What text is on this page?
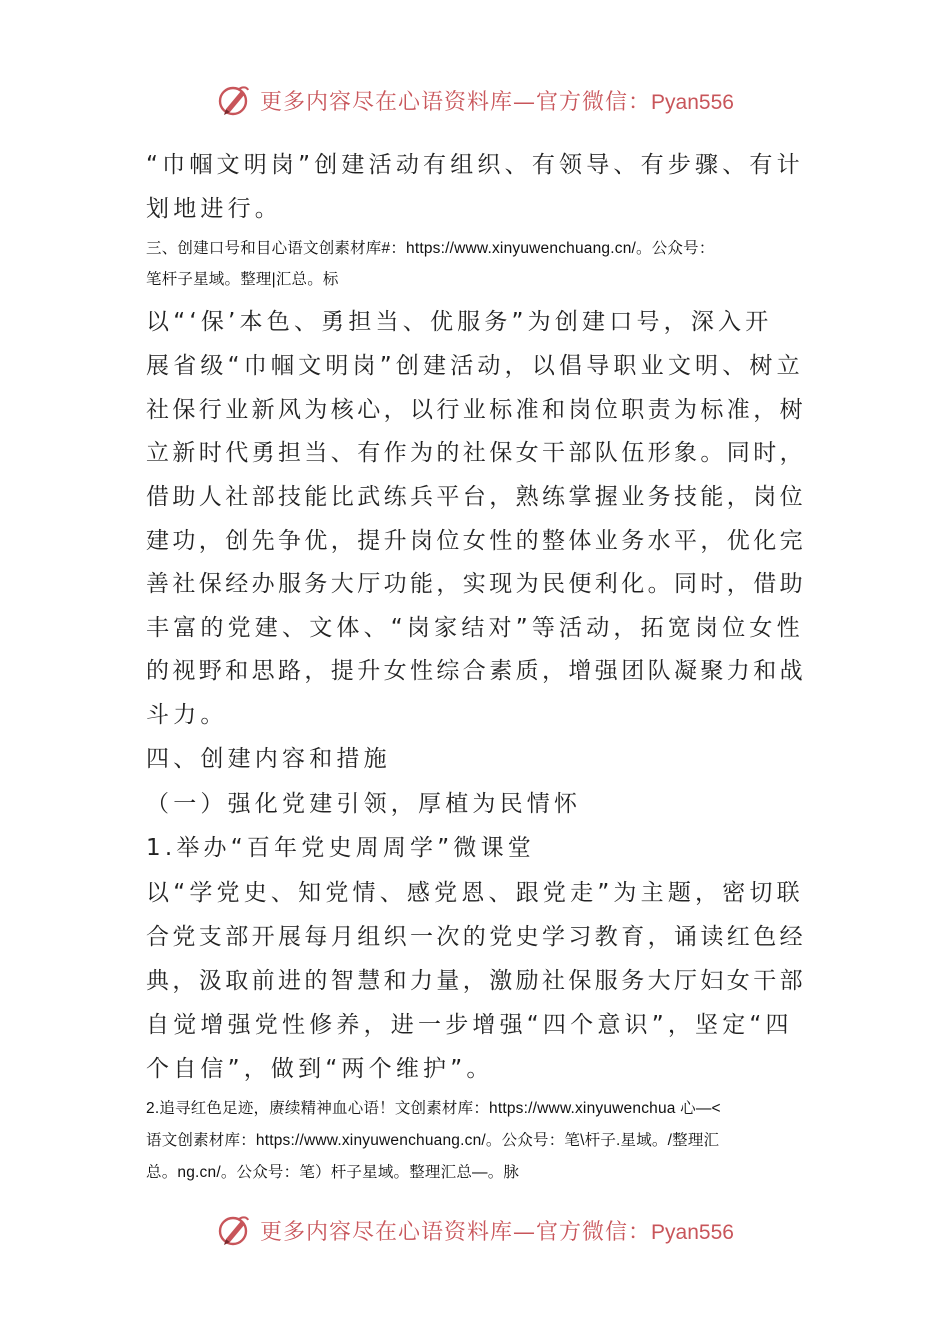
更多内容尽在心语资料库—官方微信：Pyan556
“巾帼文明岗”创建活动有组织、有领导、有步骤、有计
划地进行。
三、创建口号和目心语文创素材库#：https://www.xinyuwenchuang.cn/。公众号：
笔杆子星域。整理|汇总。标
以“‘保’本色、勇担当、优服务”为创建口号，深入开
展省级“巾帼文明岗”创建活动，以倡导职业文明、树立
社保行业新风为核心，以行业标准和岗位职责为标准，树
立新时代勇担当、有作为的社保女干部队伍形象。同时，
借助人社部技能比武练兵平台，熟练掌握业务技能，岗位
建功，创先争优，提升岗位女性的整体业务水平，优化完
善社保经办服务大厅功能，实现为民便利化。同时，借助
丰富的党建、文体、“岗家结对”等活动，拓宽岗位女性
的视野和思路，提升女性综合素质，增强团队凝聚力和战
斗力。
四、创建内容和措施
（一）强化党建引领，厚植为民情怀
1.举办“百年党史周周学”微课堂
以“学党史、知党情、感党恩、跟党走”为主题，密切联
合党支部开展每月组织一次的党史学习教育，诵读红色经
典，汲取前进的智慧和力量，激励社保服务大厅妇女干部
自觉增强党性修养，进一步增强“四个意识”，坚定“四
个自信”，做到“两个维护”。
2.追寻红色足迹，赓续精神血心语！文创素材库：https://www.xinyuwenchua 心—<
语文创素材库：https://www.xinyuwenchuang.cn/。公众号：笔\杆子.星域。/整理汇
总。ng.cn/。公众号：笔）杆子星域。整理汇总—。脉
更多内容尽在心语资料库—官方微信：Pyan556
